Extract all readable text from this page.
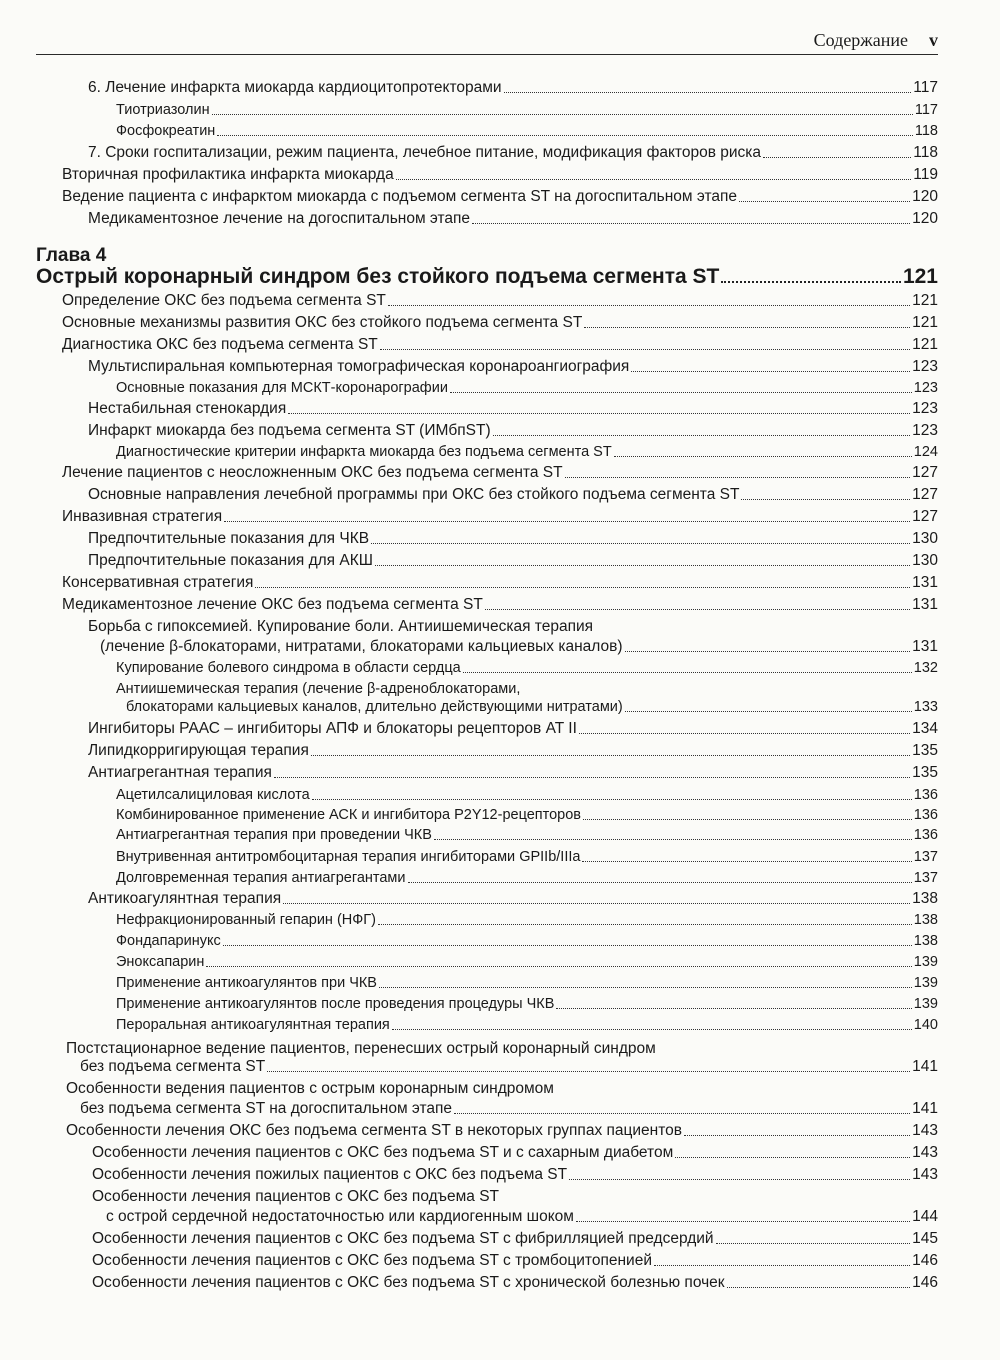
Содержание v
6. Лечение инфаркта миокарда кардиоцитопротекторами	117
Тиотриазолин	117
Фосфокреатин	118
7. Сроки госпитализации, режим пациента, лечебное питание, модификация факторов риска	118
Вторичная профилактика инфаркта миокарда	119
Ведение пациента с инфарктом миокарда с подъемом сегмента ST на догоспитальном этапе	120
Медикаментозное лечение на догоспитальном этапе	120
Глава 4
Острый коронарный синдром без стойкого подъема сегмента ST	121
Определение ОКС без подъема сегмента ST	121
Основные механизмы развития ОКС без стойкого подъема сегмента ST	121
Диагностика ОКС без подъема сегмента ST	121
Мультиспиральная компьютерная томографическая коронароангиография	123
Основные показания для МСКТ-коронарографии	123
Нестабильная стенокардия	123
Инфаркт миокарда без подъема сегмента ST (ИМбпST)	123
Диагностические критерии инфаркта миокарда без подъема сегмента ST	124
Лечение пациентов с неосложненным ОКС без подъема сегмента ST	127
Основные направления лечебной программы при ОКС без стойкого подъема сегмента ST	127
Инвазивная стратегия	127
Предпочтительные показания для ЧКВ	130
Предпочтительные показания для АКШ	130
Консервативная стратегия	131
Медикаментозное лечение ОКС без подъема сегмента ST	131
Борьба с гипоксемией. Купирование боли. Антиишемическая терапия
(лечение β-блокаторами, нитратами, блокаторами кальциевых каналов)	131
Купирование болевого синдрома в области сердца	132
Антиишемическая терапия (лечение β-адреноблокаторами,
блокаторами кальциевых каналов, длительно действующими нитратами)	133
Ингибиторы РААС – ингибиторы АПФ и блокаторы рецепторов AT II	134
Липидкорригирующая терапия	135
Антиагрегантная терапия	135
Ацетилсалициловая кислота	136
Комбинированное применение АСК и ингибитора P2Y12-рецепторов	136
Антиагрегантная терапия при проведении ЧКВ	136
Внутривенная антитромбоцитарная терапия ингибиторами GPIIb/IIIa	137
Долговременная терапия антиагрегантами	137
Антикоагулянтная терапия	138
Нефракционированный гепарин (НФГ)	138
Фондапаринукс	138
Эноксапарин	139
Применение антикоагулянтов при ЧКВ	139
Применение антикоагулянтов после проведения процедуры ЧКВ	139
Пероральная антикоагулянтная терапия	140
Постстационарное ведение пациентов, перенесших острый коронарный синдром
без подъема сегмента ST	141
Особенности ведения пациентов с острым коронарным синдромом
без подъема сегмента ST на догоспитальном этапе	141
Особенности лечения ОКС без подъема сегмента ST в некоторых группах пациентов	143
Особенности лечения пациентов с ОКС без подъема ST и с сахарным диабетом	143
Особенности лечения пожилых пациентов с ОКС без подъема ST	143
Особенности лечения пациентов с ОКС без подъема ST
с острой сердечной недостаточностью или кардиогенным шоком	144
Особенности лечения пациентов с ОКС без подъема ST с фибрилляцией предсердий	145
Особенности лечения пациентов с ОКС без подъема ST с тромбоцитопенией	146
Особенности лечения пациентов с ОКС без подъема ST с хронической болезнью почек	146
